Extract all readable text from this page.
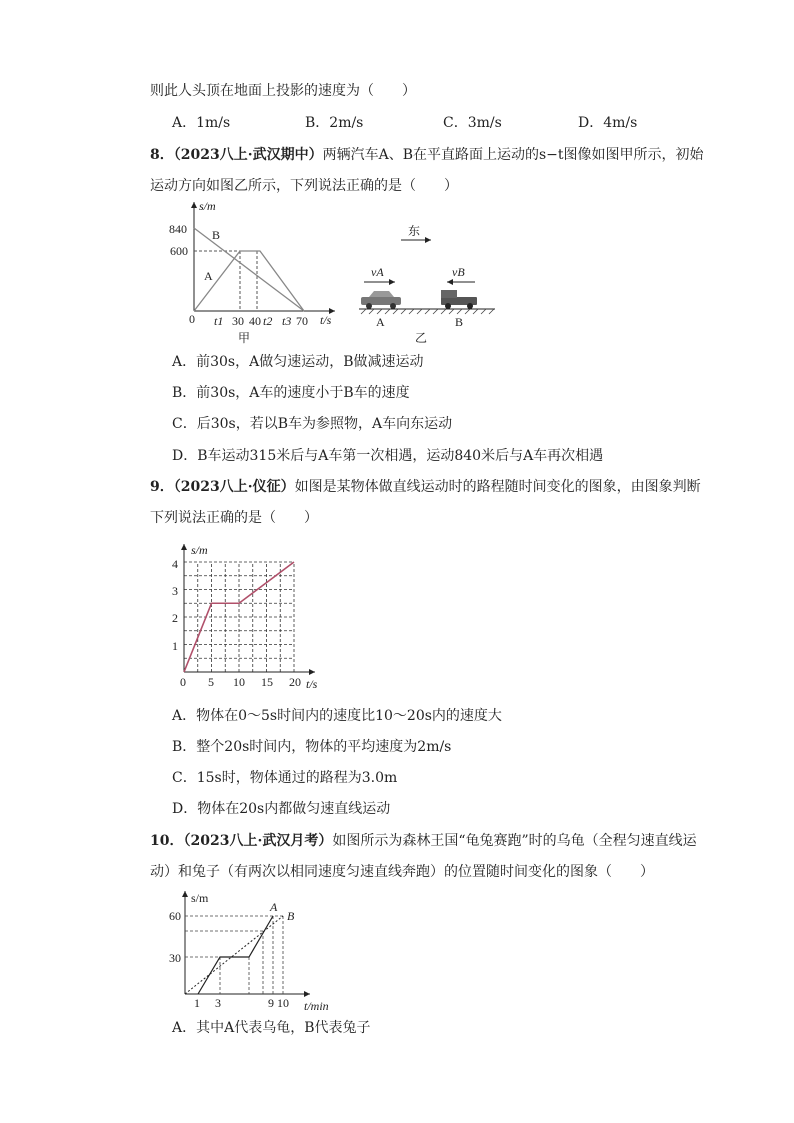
则此人头顶在地面上投影的速度为（　　）
A．1m/s	B．2m/s	C．3m/s	D．4m/s
8．（2023八上·武汉期中）两辆汽车A、B在平直路面上运动的s−t图像如图甲所示，初始
运动方向如图乙所示，下列说法正确的是（　　）
s/m
t/s
840
600
B
A
0 t1 30 40 t2 t3 70
甲
东
vA	vB
A	B
乙
A．前30s，A做匀速运动，B做减速运动
B．前30s，A车的速度小于B车的速度
C．后30s，若以B车为参照物，A车向东运动
D．B车运动315米后与A车第一次相遇，运动840米后与A车再次相遇
9．（2023八上·仪征）如图是某物体做直线运动时的路程随时间变化的图象，由图象判断
下列说法正确的是（　　）
s/m
t/s
1
2
3
4
0 5 10 15 20
A．物体在0～5s时间内的速度比10～20s内的速度大
B．整个20s时间内，物体的平均速度为2m/s
C．15s时，物体通过的路程为3.0m
D．物体在20s内都做匀速直线运动
10．（2023八上·武汉月考）如图所示为森林王国“龟兔赛跑”时的乌龟（全程匀速直线运
动）和兔子（有两次以相同速度匀速直线奔跑）的位置随时间变化的图象（　　）
s/m
t/min
60
30
1 3	9 10
A
B
A．其中A代表乌龟，B代表兔子
